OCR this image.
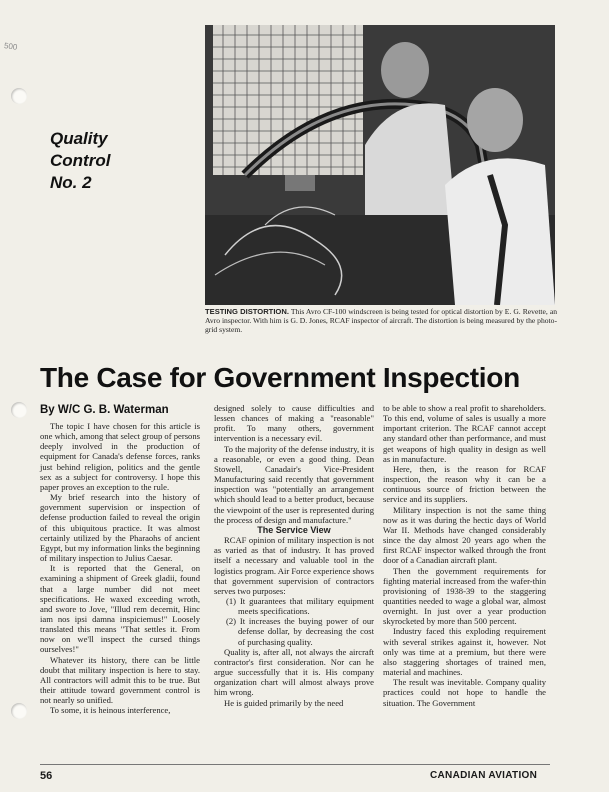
500
Quality
Control
No. 2
TESTING DISTORTION. This Avro CF-100 windscreen is being tested for optical distortion by E. G. Revette, an Avro inspector. With him is G. D. Jones, RCAF inspector of aircraft. The distortion is being measured by the photo-grid system.
The Case for Government Inspection
By W/C G. B. Waterman

The topic I have chosen for this article is one which, among that select group of persons deeply involved in the production of equipment for Canada's defense forces, ranks just behind religion, politics and the gentle sex as a subject for controversy. I hope this paper proves an exception to the rule.

My brief research into the history of government supervision or inspection of defense production failed to reveal the origin of this ubiquitous practice. It was almost certainly utilized by the Pharaohs of ancient Egypt, but my information links the beginning of military inspection to Julius Caesar.

It is reported that the General, on examining a shipment of Greek gladii, found that a large number did not meet specifications. He waxed exceeding wroth, and swore to Jove, "Illud rem decernit, Hinc iam nos ipsi damna inspiciemus!" Loosely translated this means "That settles it. From now on we'll inspect the cursed things ourselves!"

Whatever its history, there can be little doubt that military inspection is here to stay. All contractors will admit this to be true. But their attitude toward government control is not nearly so unified.

To some, it is heinous interference,

designed solely to cause difficulties and lessen chances of making a "reasonable" profit. To many others, government intervention is a necessary evil.

To the majority of the defense industry, it is a reasonable, or even a good thing. Dean Stowell, Canadair's Vice-President Manufacturing said recently that government inspection was "potentially an arrangement which should lead to a better product, because the viewpoint of the user is represented during the process of design and manufacture."

The Service View

RCAF opinion of military inspection is not as varied as that of industry. It has proved itself a necessary and valuable tool in the logistics program. Air Force experience shows that government supervision of contractors serves two purposes:

(1) It guarantees that military equipment meets specifications.
(2) It increases the buying power of our defense dollar, by decreasing the cost of purchasing quality.

Quality is, after all, not always the aircraft contractor's first consideration. Nor can he argue successfully that it is. His company organization chart will almost always prove him wrong.

He is guided primarily by the need

to be able to show a real profit to shareholders. To this end, volume of sales is usually a more important criterion. The RCAF cannot accept any standard other than performance, and must get weapons of high quality in design as well as in manufacture.

Here, then, is the reason for RCAF inspection, the reason why it can be a continuous source of friction between the service and its suppliers.

Military inspection is not the same thing now as it was during the hectic days of World War II. Methods have changed considerably since the day almost 20 years ago when the first RCAF inspector walked through the front door of a Canadian aircraft plant.

Then the government requirements for fighting material increased from the wafer-thin provisioning of 1938-39 to the staggering quantities needed to wage a global war, almost overnight. In just over a year production skyrocketed by more than 500 percent.

Industry faced this exploding requirement with several strikes against it, however. Not only was time at a premium, but there were also staggering shortages of trained men, material and machines.

The result was inevitable. Company quality practices could not hope to handle the situation. The Government

56	CANADIAN AVIATION
